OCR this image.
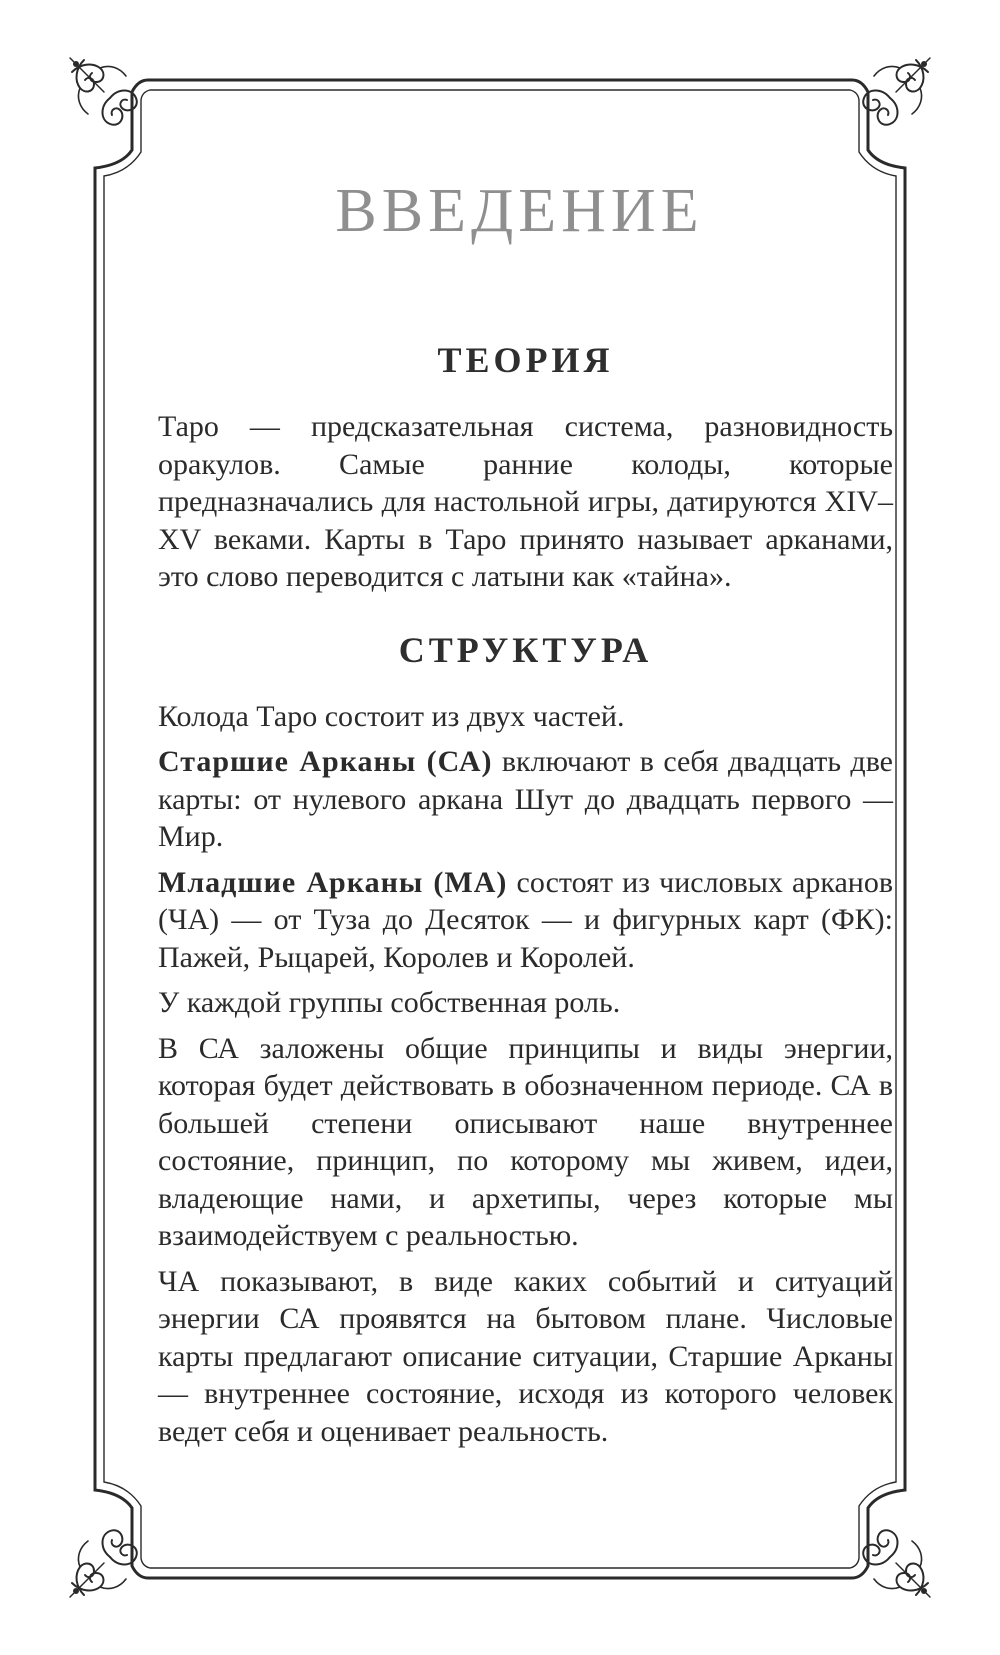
ВВЕДЕНИЕ
ТЕОРИЯ

Таро — предсказательная система, разновидность оракулов. Самые ранние колоды, которые предназначались для настольной игры, датируются XIV–XV веками. Карты в Таро принято называет арканами, это слово переводится с латыни как «тайна».

СТРУКТУРА

Колода Таро состоит из двух частей.

Старшие Арканы (СА) включают в себя двадцать две карты: от нулевого аркана Шут до двадцать первого — Мир.

Младшие Арканы (МА) состоят из числовых арканов (ЧА) — от Туза до Десяток — и фигурных карт (ФК): Пажей, Рыцарей, Королев и Королей.

У каждой группы собственная роль.

В СА заложены общие принципы и виды энергии, которая будет действовать в обозначенном периоде. СА в большей степени описывают наше внутреннее состояние, принцип, по которому мы живем, идеи, владеющие нами, и архетипы, через которые мы взаимодействуем с реальностью.

ЧА показывают, в виде каких событий и ситуаций энергии СА проявятся на бытовом плане. Числовые карты предлагают описание ситуации, Старшие Арканы — внутреннее состояние, исходя из которого человек ведет себя и оценивает реальность.
